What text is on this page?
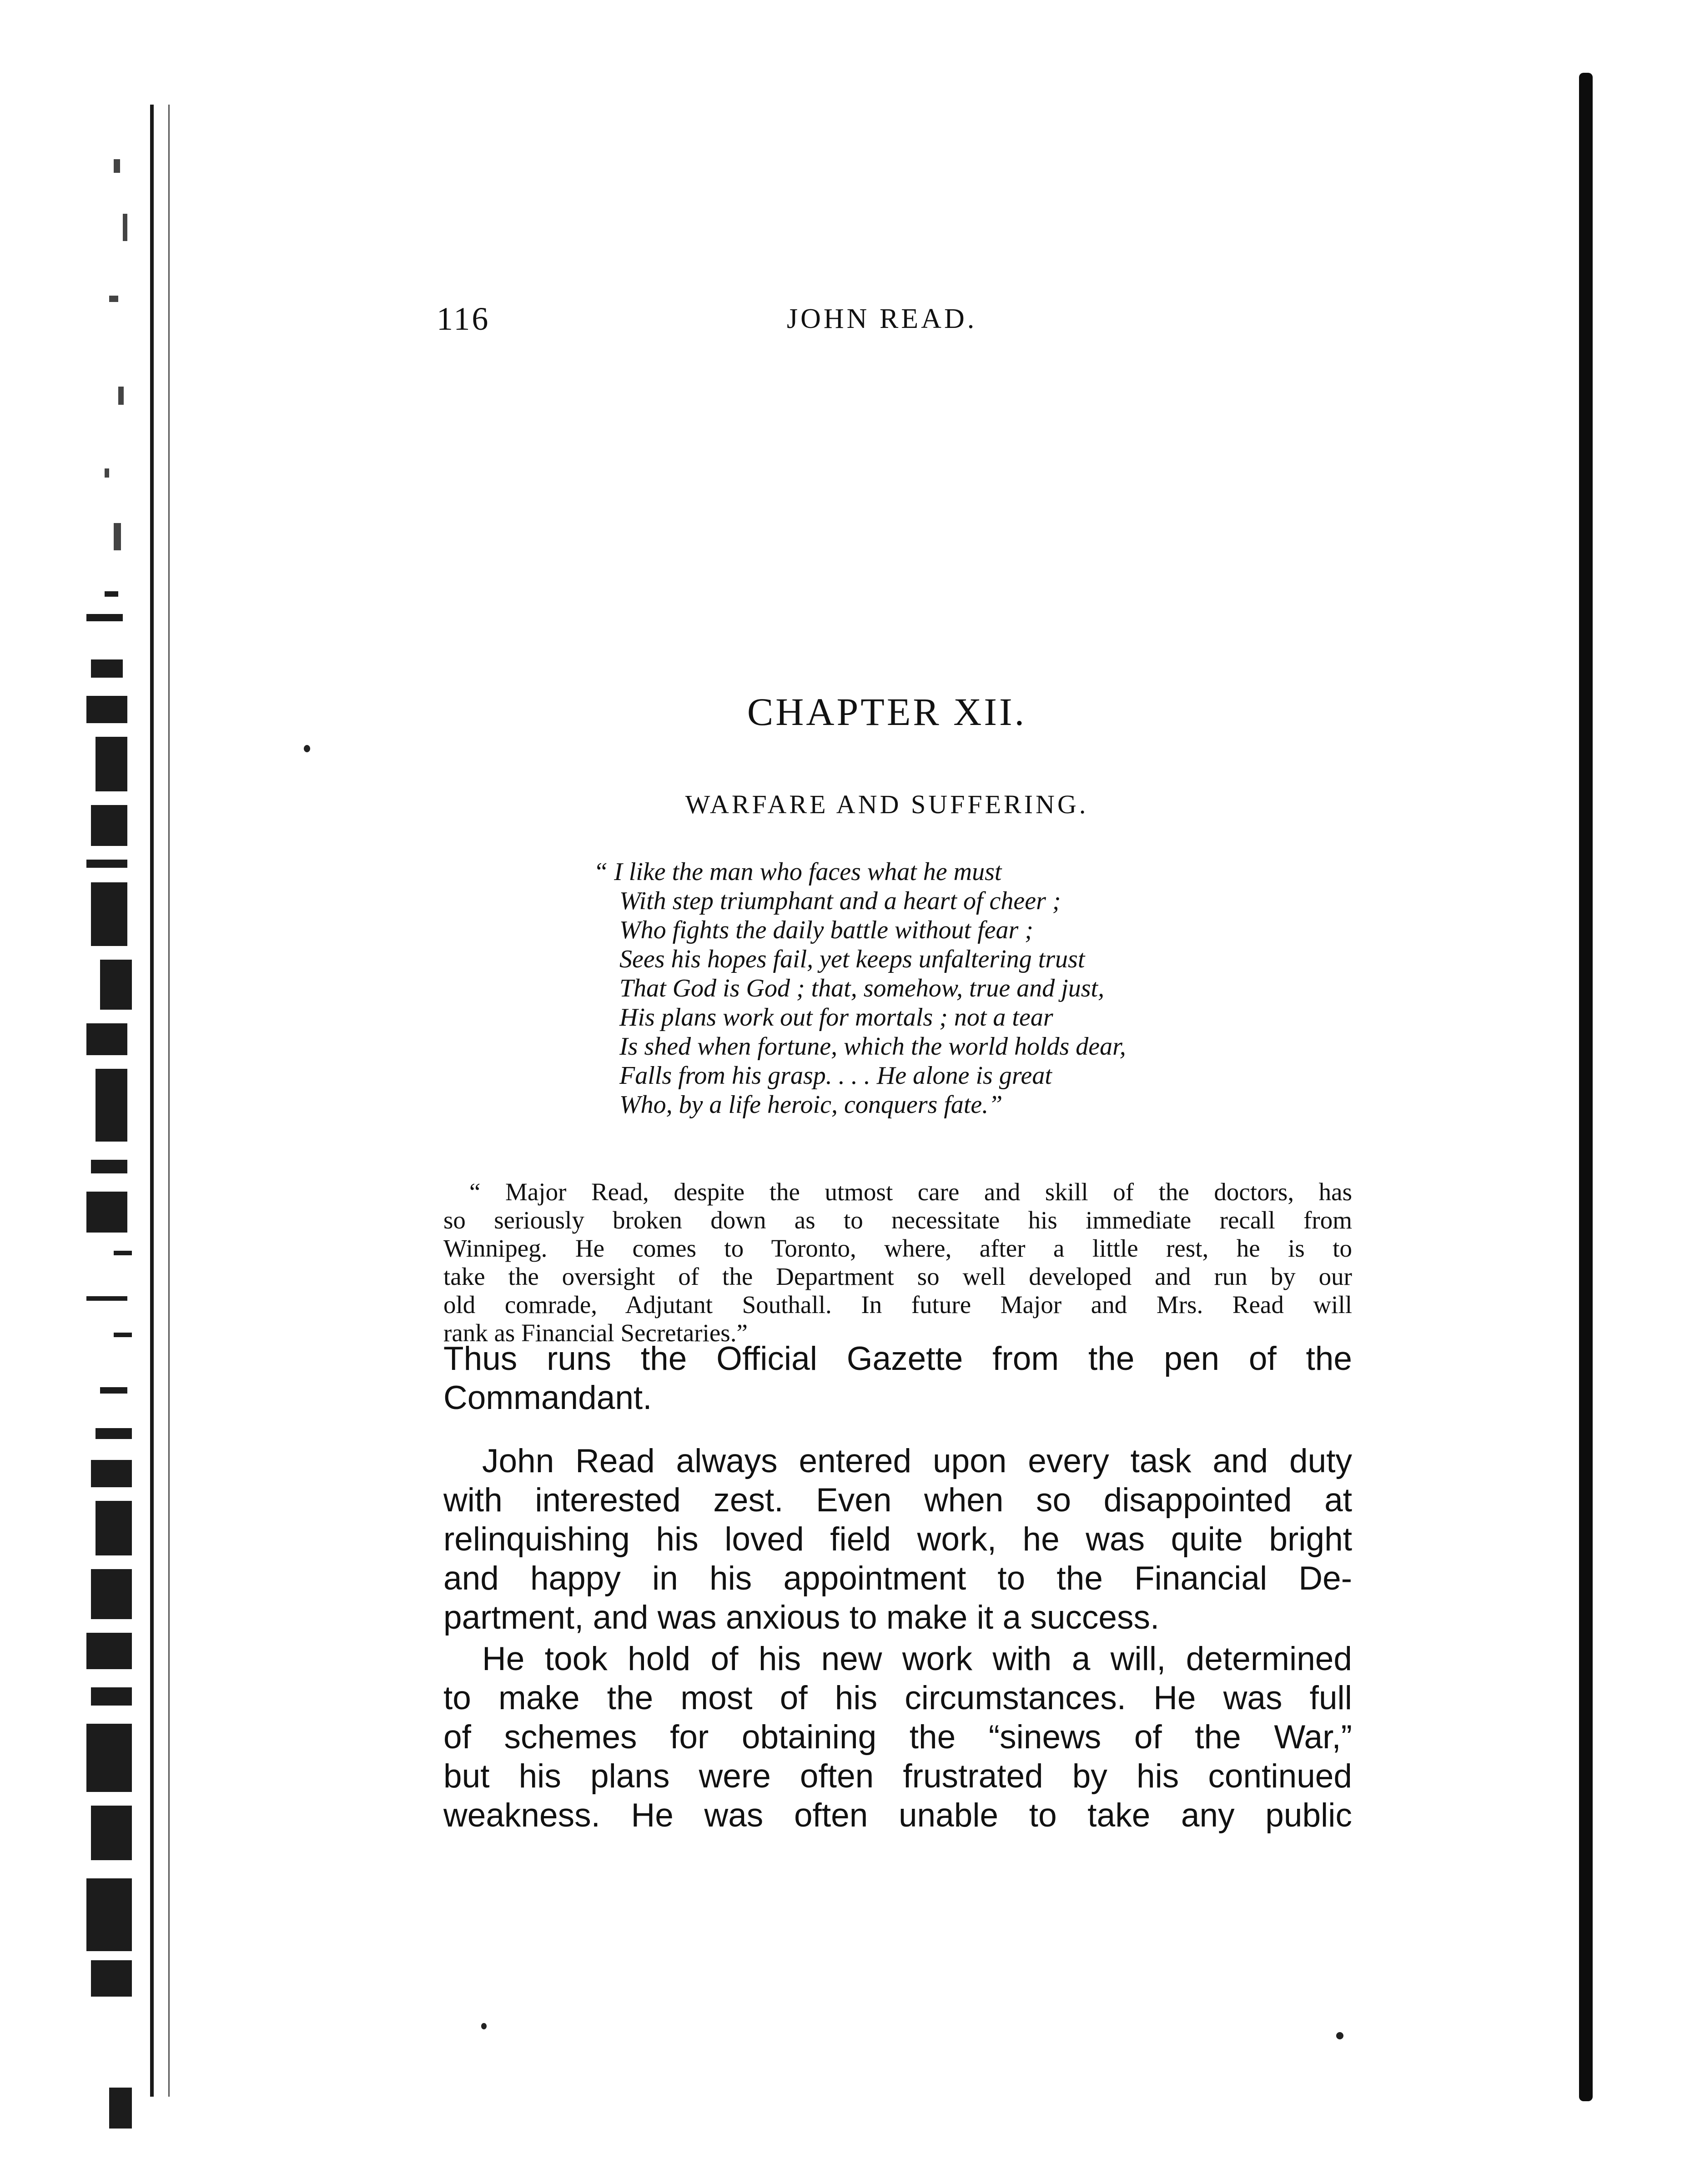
116	JOHN READ.
CHAPTER XII.
WARFARE AND SUFFERING.
“ I like the man who faces what he must
With step triumphant and a heart of cheer ;
Who fights the daily battle without fear ;
Sees his hopes fail, yet keeps unfaltering trust
That God is God ; that, somehow, true and just,
His plans work out for mortals ; not a tear
Is shed when fortune, which the world holds dear,
Falls from his grasp. . . . He alone is great
Who, by a life heroic, conquers fate.”
“ Major Read, despite the utmost care and skill of the doctors, has
so seriously broken down as to necessitate his immediate recall from
Winnipeg. He comes to Toronto, where, after a little rest, he is to
take the oversight of the Department so well developed and run by our
old comrade, Adjutant Southall. In future Major and Mrs. Read will
rank as Financial Secretaries.”
Thus runs the Official Gazette from the pen of the
Commandant.
John Read always entered upon every task and duty
with interested zest. Even when so disappointed at
relinquishing his loved field work, he was quite bright
and happy in his appointment to the Financial De-
partment, and was anxious to make it a success.
He took hold of his new work with a will, determined
to make the most of his circumstances. He was full
of schemes for obtaining the “sinews of the War,”
but his plans were often frustrated by his continued
weakness. He was often unable to take any public
